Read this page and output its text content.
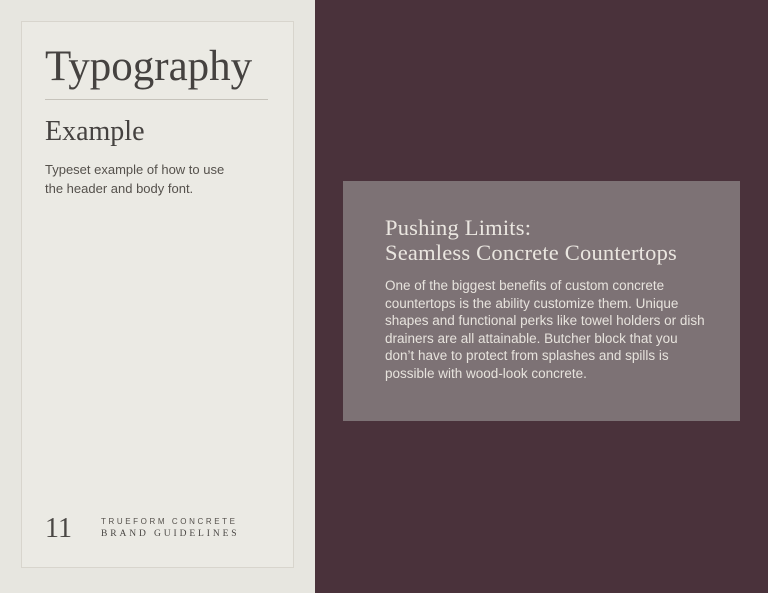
Typography
Example

Typeset example of how to use the header and body font.

11	TRUEFORM CONCRETE
BRAND GUIDELINES
Pushing Limits:
Seamless Concrete Countertops

One of the biggest benefits of custom concrete countertops is the ability customize them. Unique shapes and functional perks like towel holders or dish drainers are all attainable. Butcher block that you don’t have to protect from splashes and spills is possible with wood-look concrete.
